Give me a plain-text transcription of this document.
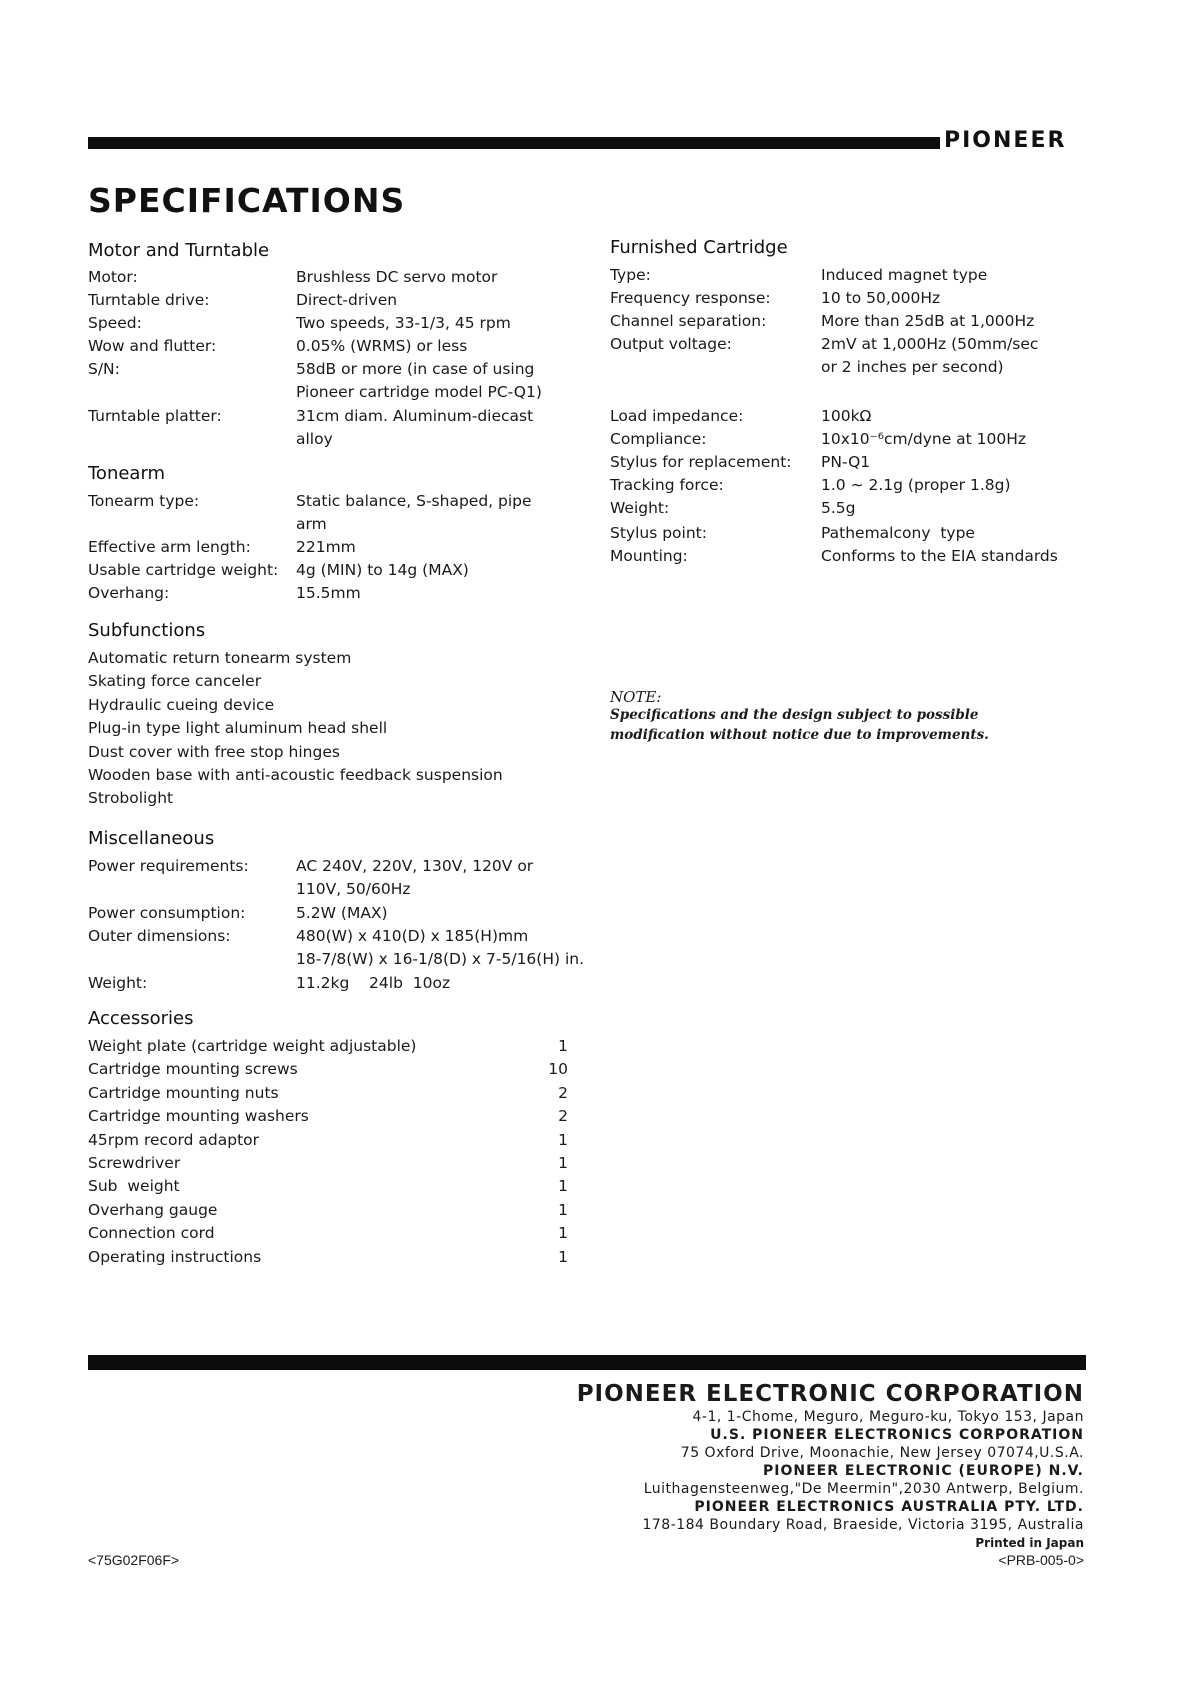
PIONEER
SPECIFICATIONS
Motor and Turntable
Motor:	Brushless DC servo motor
Turntable drive:	Direct-driven
Speed:	Two speeds, 33-1/3, 45 rpm
Wow and flutter:	0.05% (WRMS) or less
S/N:	58dB or more (in case of using Pioneer cartridge model PC-Q1)
Turntable platter:	31cm diam. Aluminum-diecast alloy
Tonearm
Tonearm type:	Static balance, S-shaped, pipe arm
Effective arm length:	221mm
Usable cartridge weight: 4g (MIN) to 14g (MAX)
Overhang:	15.5mm
Subfunctions
Automatic return tonearm system
Skating force canceler
Hydraulic cueing device
Plug-in type light aluminum head shell
Dust cover with free stop hinges
Wooden base with anti-acoustic feedback suspension
Strobolight
Miscellaneous
Power requirements:	AC 240V, 220V, 130V, 120V or 110V, 50/60Hz
Power consumption:	5.2W (MAX)
Outer dimensions:	480(W) x 410(D) x 185(H)mm
18-7/8(W) x 16-1/8(D) x 7-5/16(H) in.
Weight:	11.2kg    24lb  10oz
Accessories
Weight plate (cartridge weight adjustable)	1
Cartridge mounting screws	10
Cartridge mounting nuts	2
Cartridge mounting washers	2
45rpm record adaptor	1
Screwdriver	1
Sub  weight	1
Overhang gauge	1
Connection cord	1
Operating instructions	1
Furnished Cartridge
Type:	Induced magnet type
Frequency response:	10 to 50,000Hz
Channel separation:	More than 25dB at 1,000Hz
Output voltage:	2mV at 1,000Hz (50mm/sec or 2 inches per second)
Load impedance:	100kΩ
Compliance:	10x10⁻⁶cm/dyne at 100Hz
Stylus for replacement: PN-Q1
Tracking force:	1.0 ∼ 2.1g (proper 1.8g)
Weight:	5.5g
Stylus point:	Pathemalcony  type
Mounting:	Conforms to the EIA standards
NOTE:
Specifications and the design subject to possible modification without notice due to improvements.
PIONEER ELECTRONIC CORPORATION
4-1, 1-Chome, Meguro, Meguro-ku, Tokyo 153, Japan
U.S. PIONEER ELECTRONICS CORPORATION
75 Oxford Drive, Moonachie, New Jersey 07074,U.S.A.
PIONEER ELECTRONIC (EUROPE) N.V.
Luithagensteenweg,"De Meermin",2030 Antwerp, Belgium.
PIONEER ELECTRONICS AUSTRALIA PTY. LTD.
178-184 Boundary Road, Braeside, Victoria 3195, Australia
Printed in Japan
<75G02F06F>	<PRB-005-0>
